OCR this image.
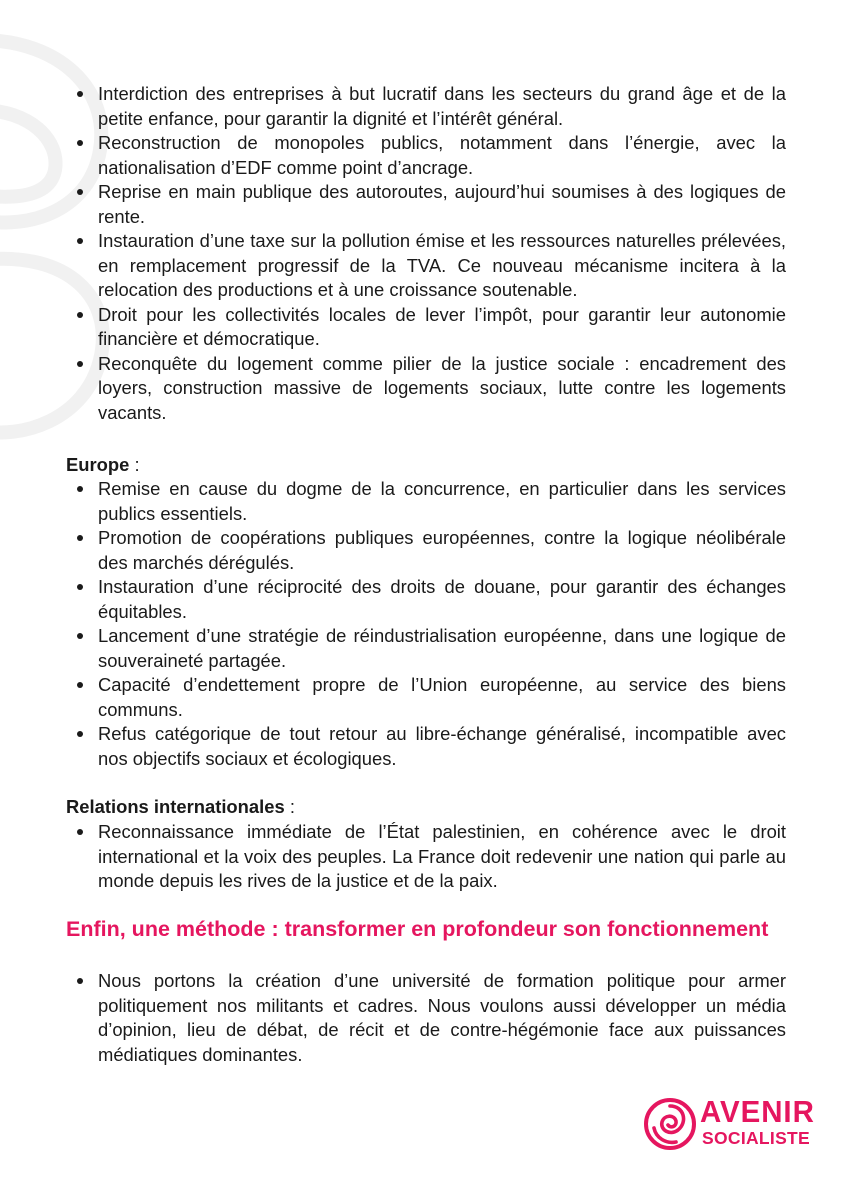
Interdiction des entreprises à but lucratif dans les secteurs du grand âge et de la petite enfance, pour garantir la dignité et l’intérêt général.
Reconstruction de monopoles publics, notamment dans l’énergie, avec la nationalisation d’EDF comme point d’ancrage.
Reprise en main publique des autoroutes, aujourd’hui soumises à des logiques de rente.
Instauration d’une taxe sur la pollution émise et les ressources naturelles prélevées, en remplacement progressif de la TVA. Ce nouveau mécanisme incitera à la relocation des productions et à une croissance soutenable.
Droit pour les collectivités locales de lever l’impôt, pour garantir leur autonomie financière et démocratique.
Reconquête du logement comme pilier de la justice sociale : encadrement des loyers, construction massive de logements sociaux, lutte contre les logements vacants.
Europe :
Remise en cause du dogme de la concurrence, en particulier dans les services publics essentiels.
Promotion de coopérations publiques européennes, contre la logique néolibérale des marchés dérégulés.
Instauration d’une réciprocité des droits de douane, pour garantir des échanges équitables.
Lancement d’une stratégie de réindustrialisation européenne, dans une logique de souveraineté partagée.
Capacité d’endettement propre de l’Union européenne, au service des biens communs.
Refus catégorique de tout retour au libre-échange généralisé, incompatible avec nos objectifs sociaux et écologiques.
Relations internationales :
Reconnaissance immédiate de l’État palestinien, en cohérence avec le droit international et la voix des peuples. La France doit redevenir une nation qui parle au monde depuis les rives de la justice et de la paix.
Enfin, une méthode : transformer en profondeur son fonctionnement
Nous portons la création d’une université de formation politique pour armer politiquement nos militants et cadres. Nous voulons aussi développer un média d’opinion, lieu de débat, de récit et de contre-hégémonie face aux puissances médiatiques dominantes.
AVENIR
SOCIALISTE
